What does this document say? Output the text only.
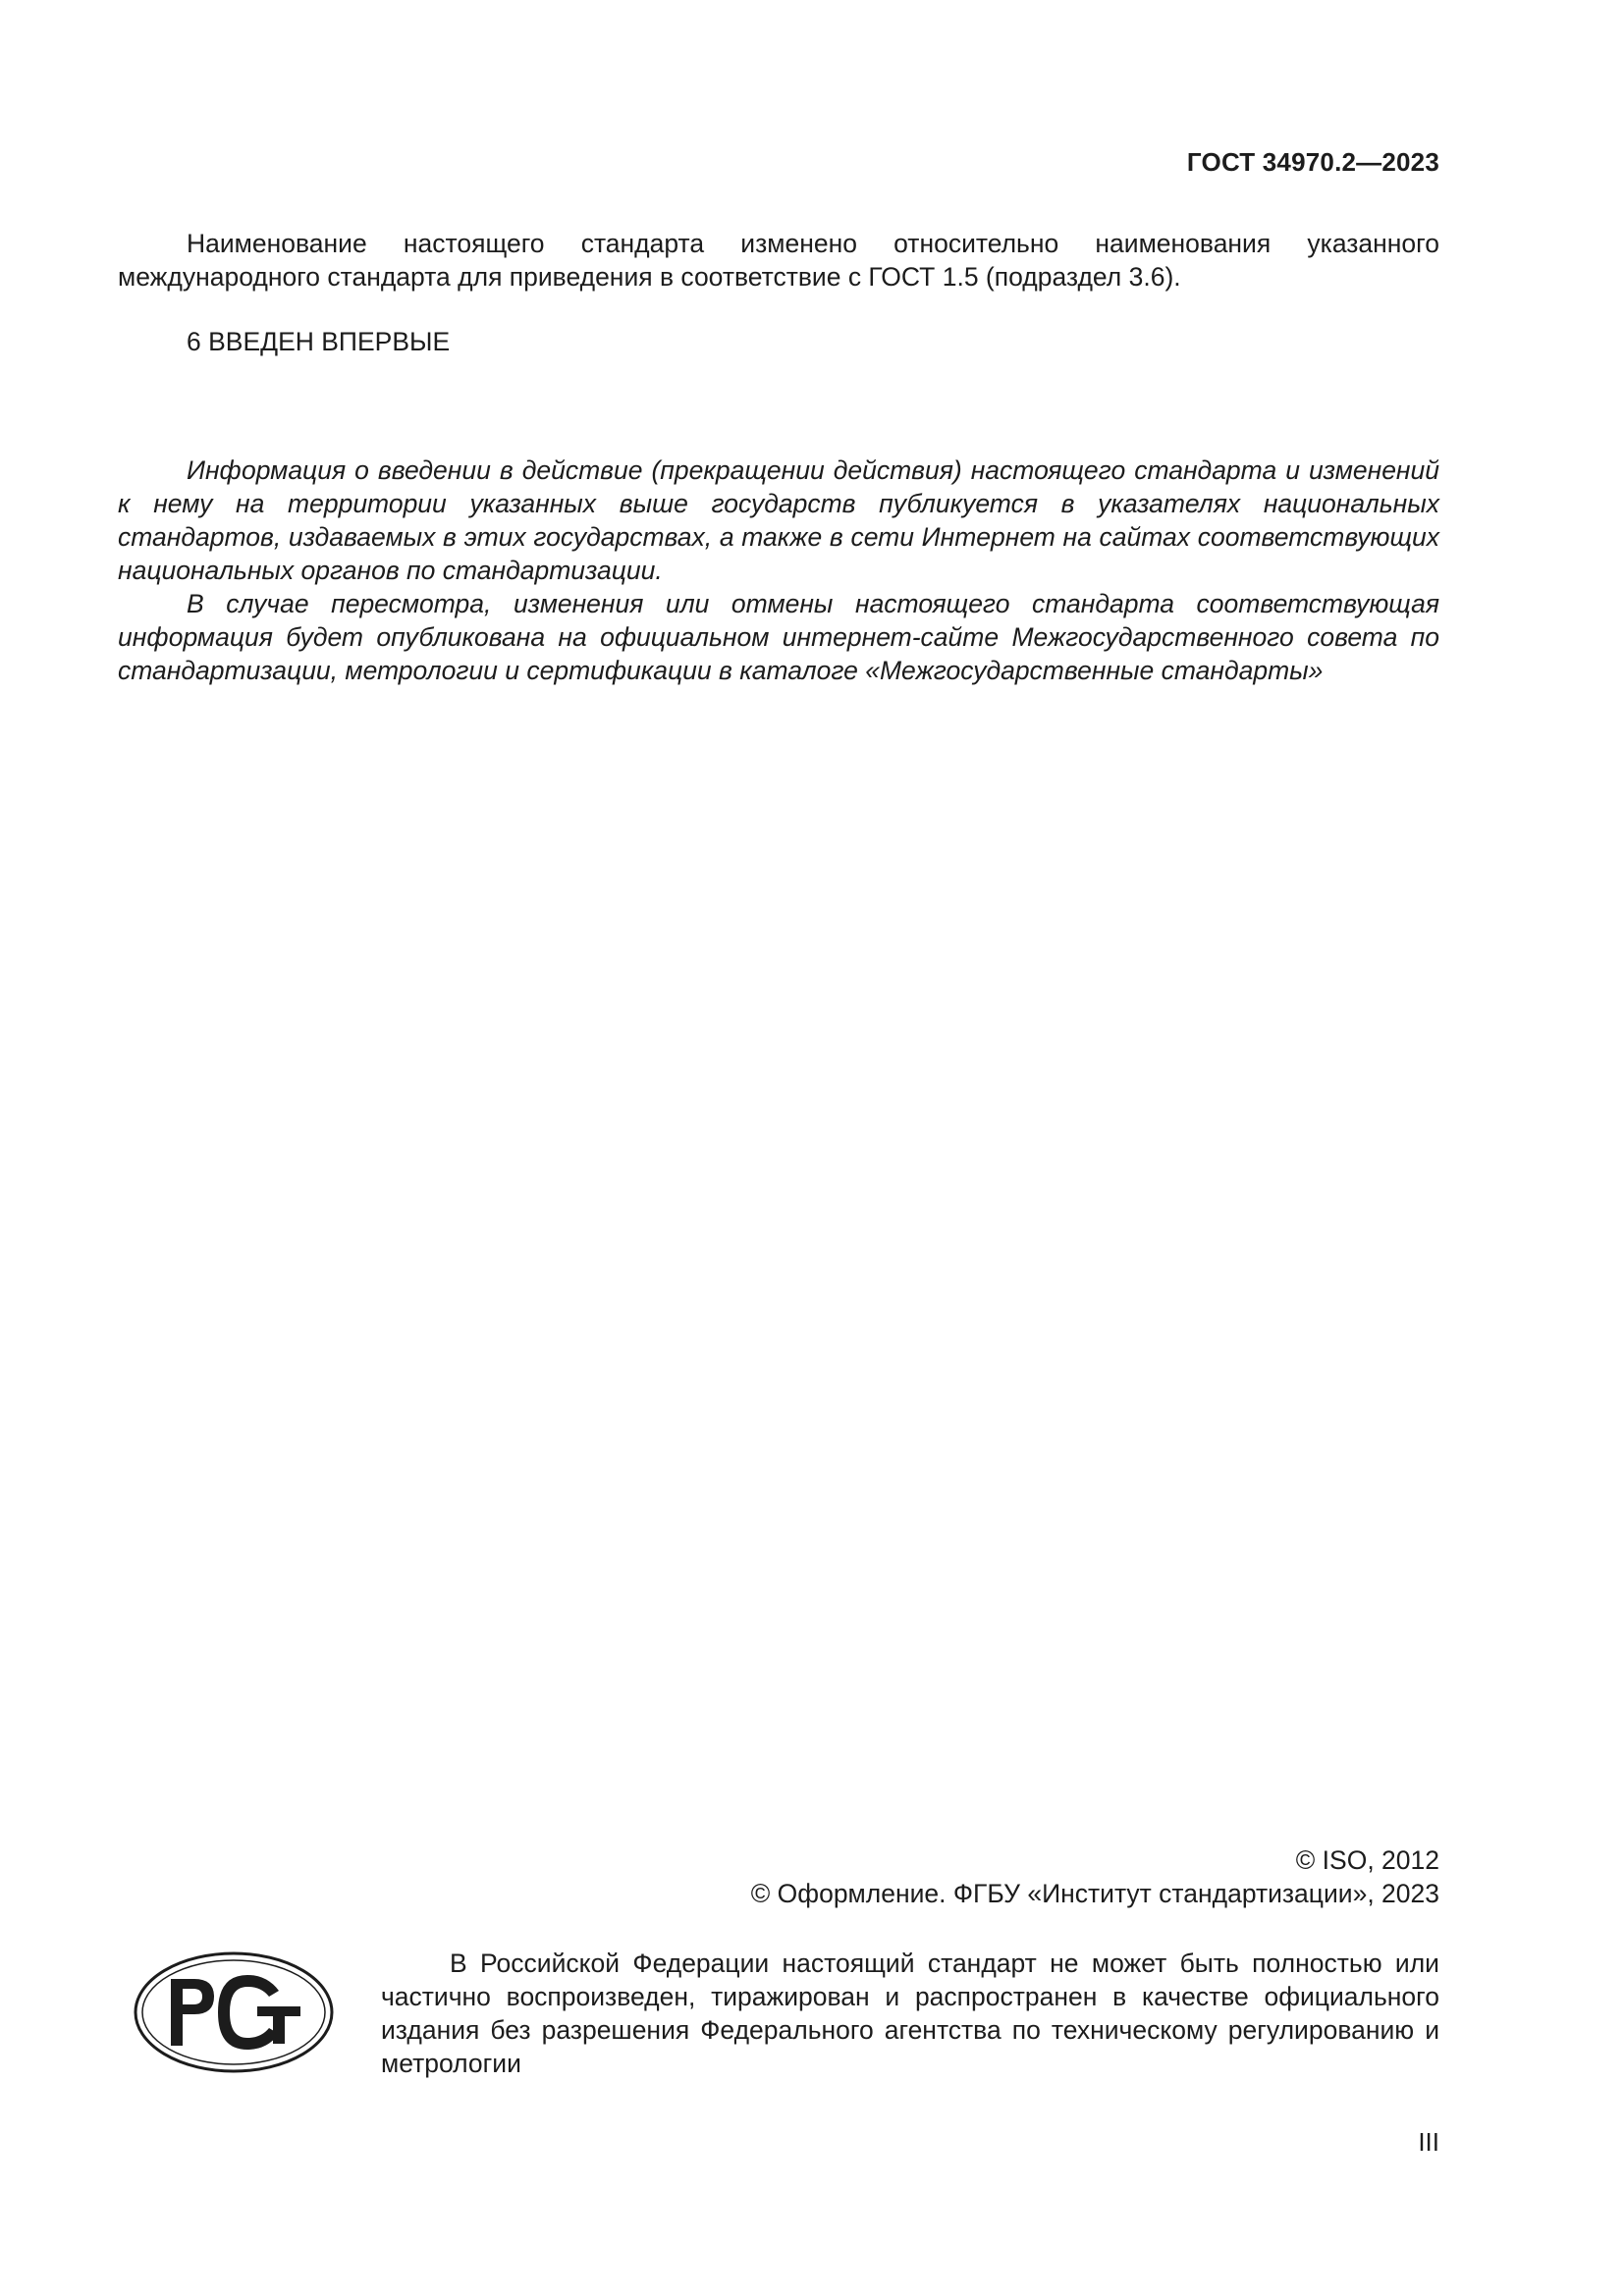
ГОСТ 34970.2—2023

Наименование настоящего стандарта изменено относительно наименования указанного международного стандарта для приведения в соответствие с ГОСТ 1.5 (подраздел 3.6).

6 ВВЕДЕН ВПЕРВЫЕ

Информация о введении в действие (прекращении действия) настоящего стандарта и изменений к нему на территории указанных выше государств публикуется в указателях национальных стандартов, издаваемых в этих государствах, а также в сети Интернет на сайтах соответствующих национальных органов по стандартизации.

В случае пересмотра, изменения или отмены настоящего стандарта соответствующая информация будет опубликована на официальном интернет-сайте Межгосударственного совета по стандартизации, метрологии и сертификации в каталоге «Межгосударственные стандарты»

© ISO, 2012
© Оформление. ФГБУ «Институт стандартизации», 2023
РСТ

В Российской Федерации настоящий стандарт не может быть полностью или частично воспроизведен, тиражирован и распространен в качестве официального издания без разрешения Федерального агентства по техническому регулированию и метрологии

III
